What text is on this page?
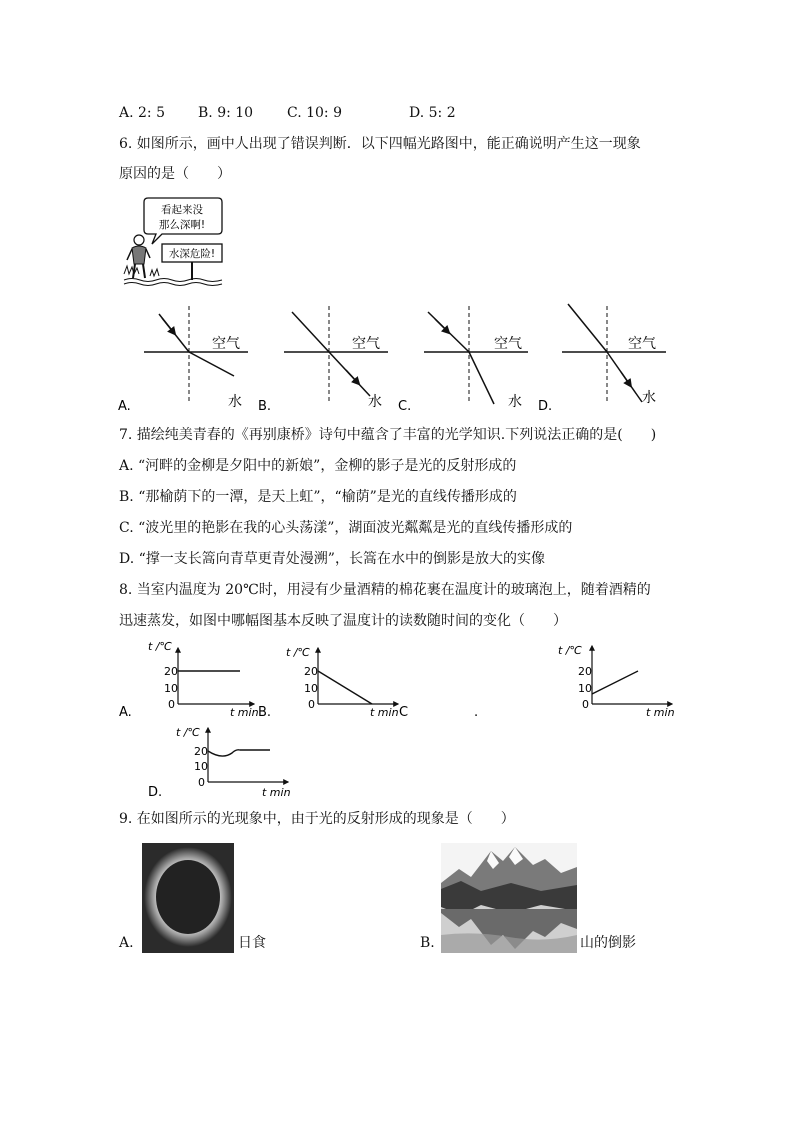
A. 2: 5 B. 9: 10 C. 10: 9	D. 5: 2
6. 如图所示，画中人出现了错误判断．以下四幅光路图中，能正确说明产生这一现象
原因的是（　　）
看起来没
那么深啊!
水深危险!
空气
水
A.
空气
水
B.
空气
水
C.
空气
水
D.
7. 描绘纯美青春的《再别康桥》诗句中蕴含了丰富的光学知识.下列说法正确的是(　　)
A. “河畔的金柳是夕阳中的新娘”，金柳的影子是光的反射形成的
B. “那榆荫下的一潭，是天上虹”，“榆荫”是光的直线传播形成的
C. “波光里的艳影在我的心头荡漾”，湖面波光粼粼是光的直线传播形成的
D. “撑一支长篙向青草更青处漫溯”，长篙在水中的倒影是放大的实像
8. 当室内温度为 20℃时，用浸有少量酒精的棉花裹在温度计的玻璃泡上，随着酒精的
迅速蒸发，如图中哪幅图基本反映了温度计的读数随时间的变化（　　）
t /℃
20
10
0
t min
A.
t /℃
20
10
0
t min
B.	C	.
t /℃
20
10
0
t min
t /℃
20
10
0
t min
D.
9. 在如图所示的光现象中，由于光的反射形成的现象是（　　）
A.	日食	B.	山的倒影
